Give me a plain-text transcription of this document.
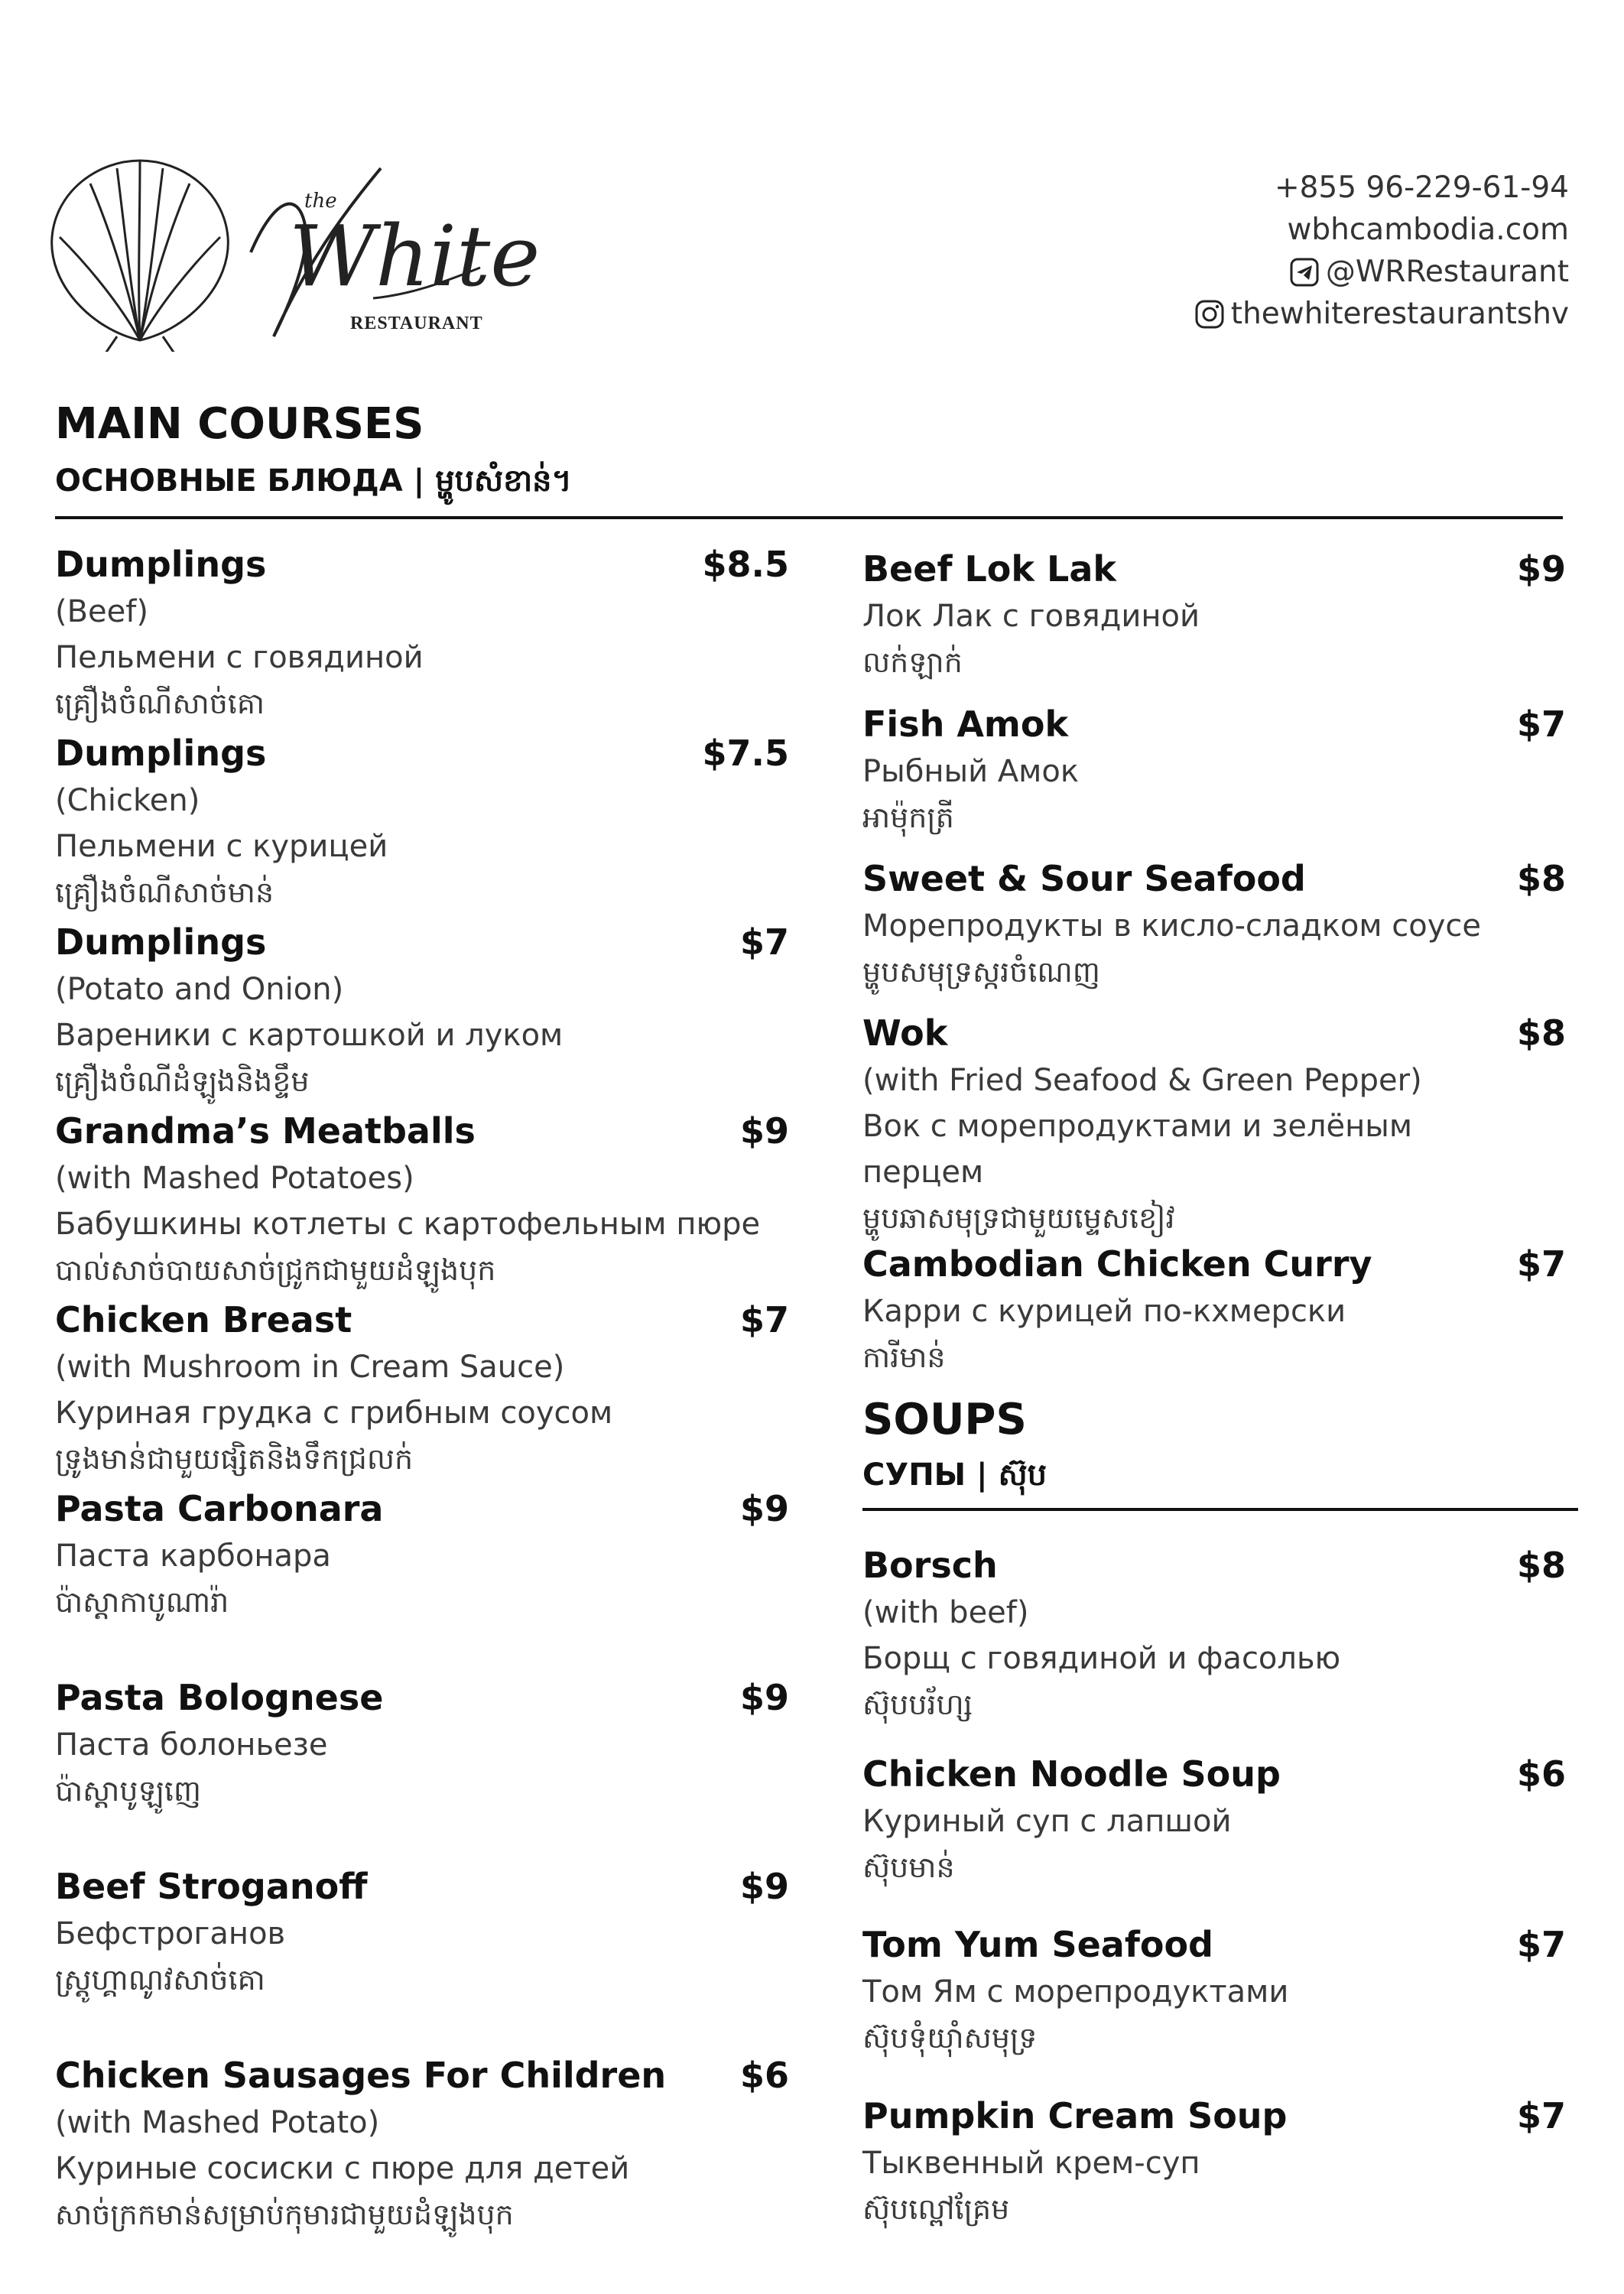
the
White
RESTAURANT
+855 96-229-61-94
wbhcambodia.com
@WRRestaurant
thewhiterestaurantshv
MAIN COURSES
ОСНОВНЫЕ БЛЮДА | ម្ហូបសំខាន់។
Dumplings	$8.5
(Beef)
Пельмени с говядиной
គ្រឿងចំណីសាច់គោ
Dumplings	$7.5
(Chicken)
Пельмени с курицей
គ្រឿងចំណីសាច់មាន់
Dumplings	$7
(Potato and Onion)
Вареники с картошкой и луком
គ្រឿងចំណីដំឡូងនិងខ្ទឹម
Grandma’s Meatballs	$9
(with Mashed Potatoes)
Бабушкины котлеты с картофельным пюре
បាល់សាច់បាយសាច់ជ្រូកជាមួយដំឡូងបុក
Chicken Breast	$7
(with Mushroom in Cream Sauce)
Куриная грудка с грибным соусом
ទ្រូងមាន់ជាមួយផ្សិតនិងទឹកជ្រលក់
Pasta Carbonara	$9
Паста карбонара
ប៉ាស្តាកាបូណារ៉ា
Pasta Bolognese	$9
Паста болоньезе
ប៉ាស្តាបូឡូញេ
Beef Stroganoff	$9
Бефстроганов
ស្ត្រូហ្គាណូវសាច់គោ
Chicken Sausages For Children $6
(with Mashed Potato)
Куриные сосиски с пюре для детей
សាច់ក្រកមាន់សម្រាប់កុមារជាមួយដំឡូងបុក
Beef Lok Lak	$9
Лок Лак с говядиной
លក់ឡាក់
Fish Amok	$7
Рыбный Амок
អាម៉ុកត្រី
Sweet & Sour Seafood	$8
Морепродукты в кисло-сладком соусе
ម្ហូបសមុទ្រស្ករចំណេញ
Wok	$8
(with Fried Seafood & Green Pepper)
Вок с морепродуктами и зелёным
перцем
ម្ហូបឆាសមុទ្រជាមួយម្ទេសខៀវ
Cambodian Chicken Curry	$7
Карри с курицей по-кхмерски
ការីមាន់
SOUPS
СУПЫ | ស៊ុប
Borsch	$8
(with beef)
Борщ с говядиной и фасолью
ស៊ុបបរ័ហ្ស
Chicken Noodle Soup	$6
Куриный суп с лапшой
ស៊ុបមាន់
Tom Yum Seafood	$7
Том Ям с морепродуктами
ស៊ុបទុំយ៉ាំសមុទ្រ
Pumpkin Cream Soup	$7
Тыквенный крем-суп
ស៊ុបល្ពៅគ្រែម
